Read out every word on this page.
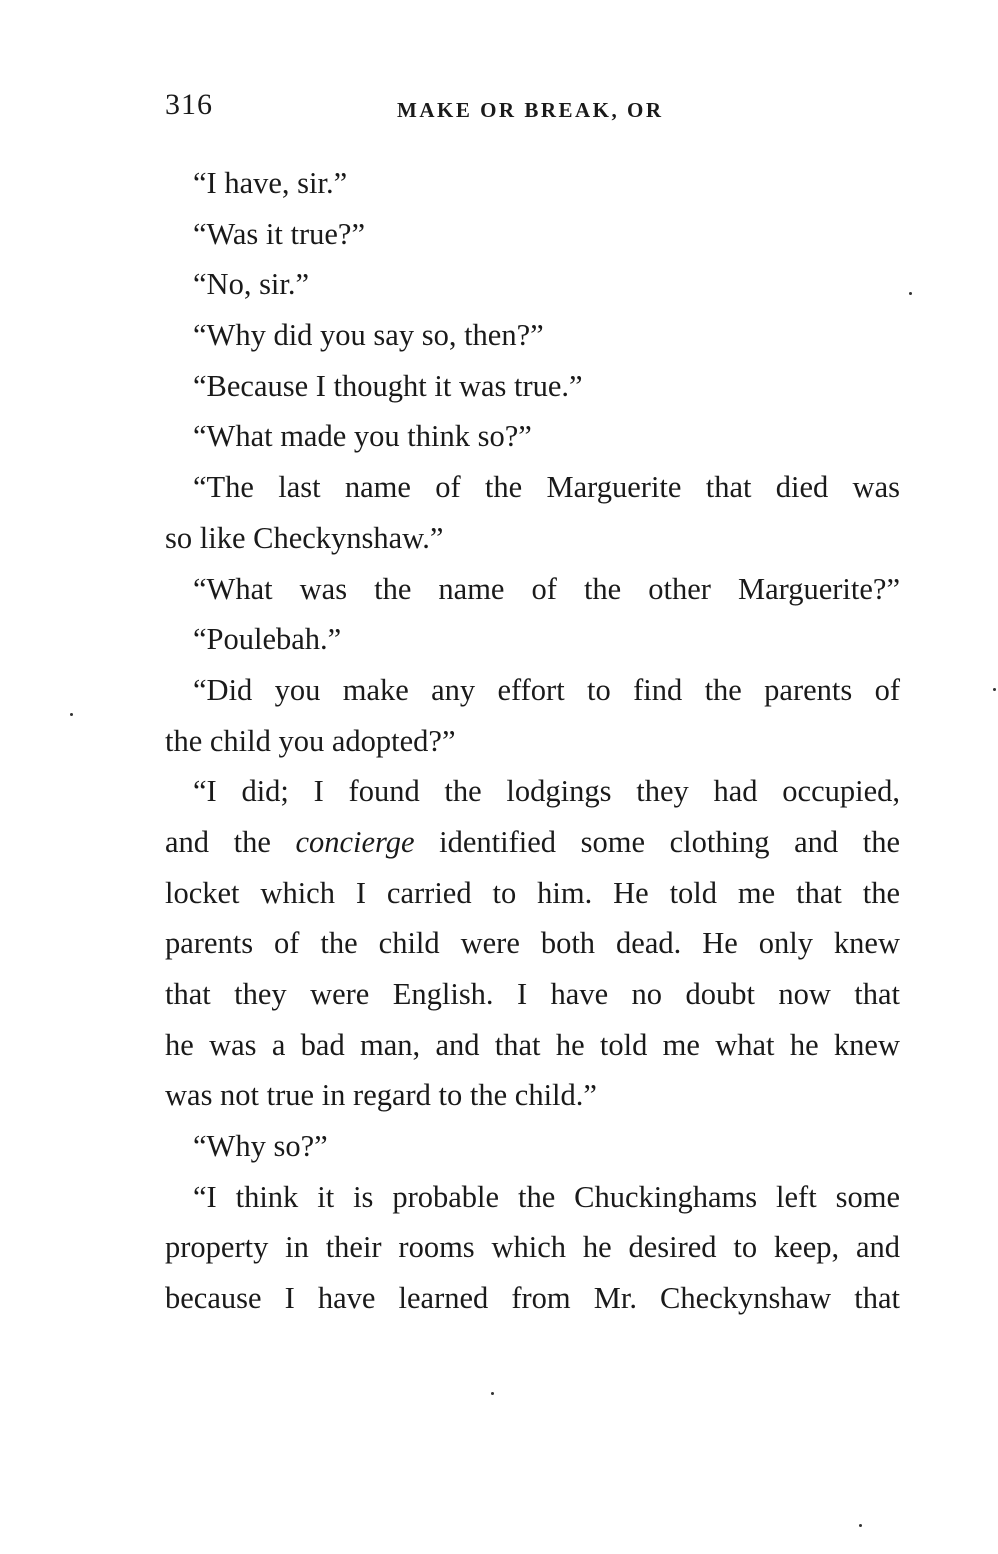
316	MAKE OR BREAK, OR
“I have, sir.”
“Was it true?”
“No, sir.”
“Why did you say so, then?”
“Because I thought it was true.”
“What made you think so?”
“The last name of the Marguerite that died was
so like Checkynshaw.”
“What was the name of the other Marguerite?”
“Poulebah.”
“Did you make any effort to find the parents of
the child you adopted?”
“I did; I found the lodgings they had occupied,
and the concierge identified some clothing and the
locket which I carried to him. He told me that the
parents of the child were both dead. He only knew
that they were English. I have no doubt now that
he was a bad man, and that he told me what he knew
was not true in regard to the child.”
“Why so?”
“I think it is probable the Chuckinghams left some
property in their rooms which he desired to keep, and
because I have learned from Mr. Checkynshaw that
